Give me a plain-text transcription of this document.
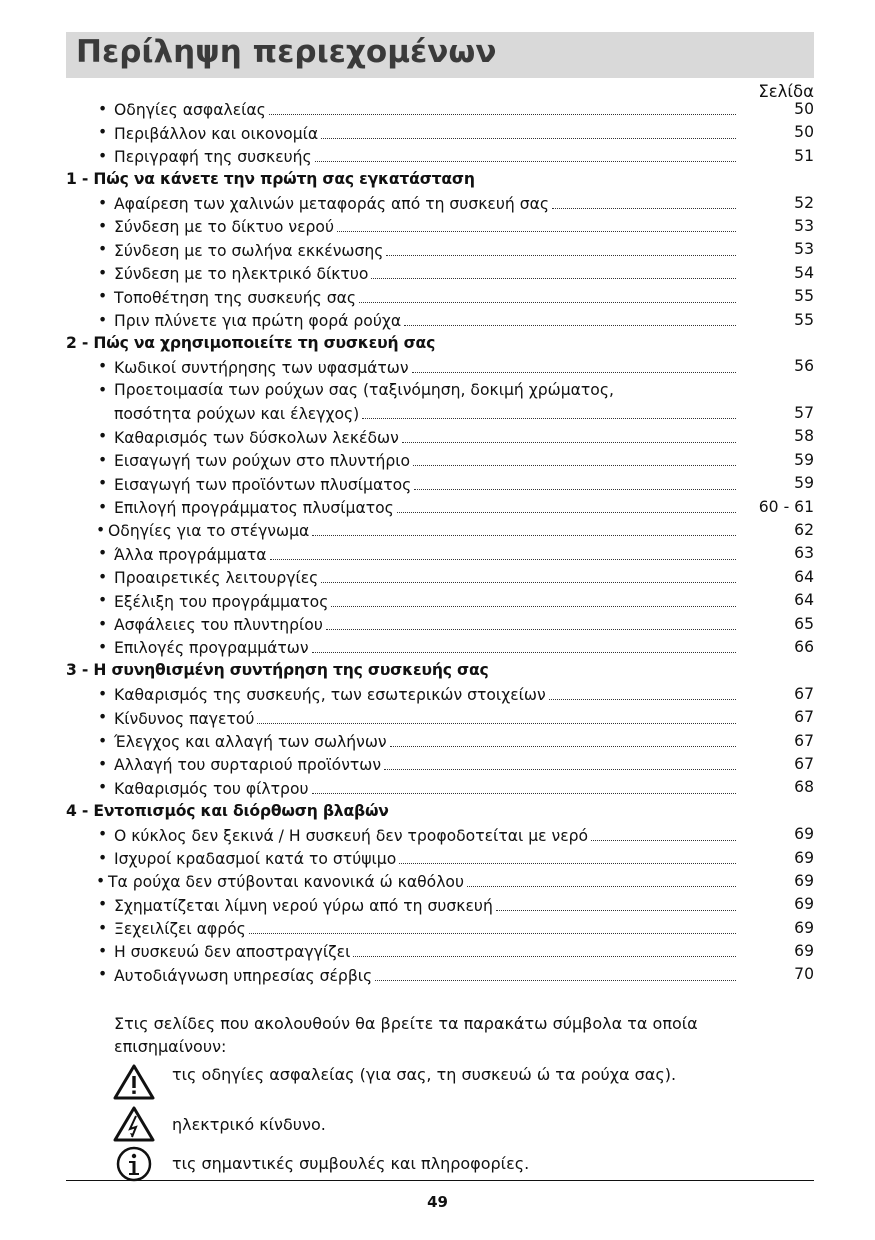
Περίληψη περιεχομένων
Σελίδα
• Οδηγίες ασφαλείας	50
• Περιβάλλον και οικονομία	50
• Περιγραφή της συσκευής	51
1 - Πώς να κάνετε την πρώτη σας εγκατάσταση
• Αφαίρεση των χαλινών μεταφοράς από τη συσκευή σας	52
• Σύνδεση με το δίκτυο νερού	53
• Σύνδεση με το σωλήνα εκκένωσης	53
• Σύνδεση με το ηλεκτρικό δίκτυο	54
• Τοποθέτηση της συσκευής σας	55
• Πριν πλύνετε για πρώτη φορά ρούχα	55
2 - Πώς να χρησιμοποιείτε τη συσκευή σας
• Κωδικοί συντήρησης των υφασμάτων	56
• Προετοιμασία των ρούχων σας (ταξινόμηση, δοκιμή χρώματος,
ποσότητα ρούχων και έλεγχος)	57
• Καθαρισμός των δύσκολων λεκέδων	58
• Εισαγωγή των ρούχων στο πλυντήριο	59
• Εισαγωγή των προϊόντων πλυσίματος	59
• Επιλογή προγράμματος πλυσίματος	60 - 61
• Οδηγίες για το στέγνωμα	62
• Άλλα προγράμματα	63
• Προαιρετικές λειτουργίες	64
• Εξέλιξη του προγράμματος	64
• Ασφάλειες του πλυντηρίου	65
• Επιλογές προγραμμάτων	66
3 - Η συνηθισμένη συντήρηση της συσκευής σας
• Καθαρισμός της συσκευής, των εσωτερικών στοιχείων	67
• Κίνδυνος παγετού	67
• Έλεγχος και αλλαγή των σωλήνων	67
• Αλλαγή του συρταριού προϊόντων	67
• Καθαρισμός του φίλτρου	68
4 - Εντοπισμός και διόρθωση βλαβών
• Ο κύκλος δεν ξεκινά / Η συσκευή δεν τροφοδοτείται με νερό	69
• Ισχυροί κραδασμοί κατά το στύψιμο	69
• Τα ρούχα δεν στύβονται κανονικά ώ καθόλου	69
• Σχηματίζεται λίμνη νερού γύρω από τη συσκευή	69
• Ξεχειλίζει αφρός	69
• Η συσκευώ δεν αποστραγγίζει	69
• Αυτοδιάγνωση υπηρεσίας σέρβις	70
Στις σελίδες που ακολουθούν θα βρείτε τα παρακάτω σύμβολα τα οποία επισημαίνουν:
τις οδηγίες ασφαλείας (για σας, τη συσκευώ ώ τα ρούχα σας).
ηλεκτρικό κίνδυνο.
τις σημαντικές συμβουλές και πληροφορίες.
49
